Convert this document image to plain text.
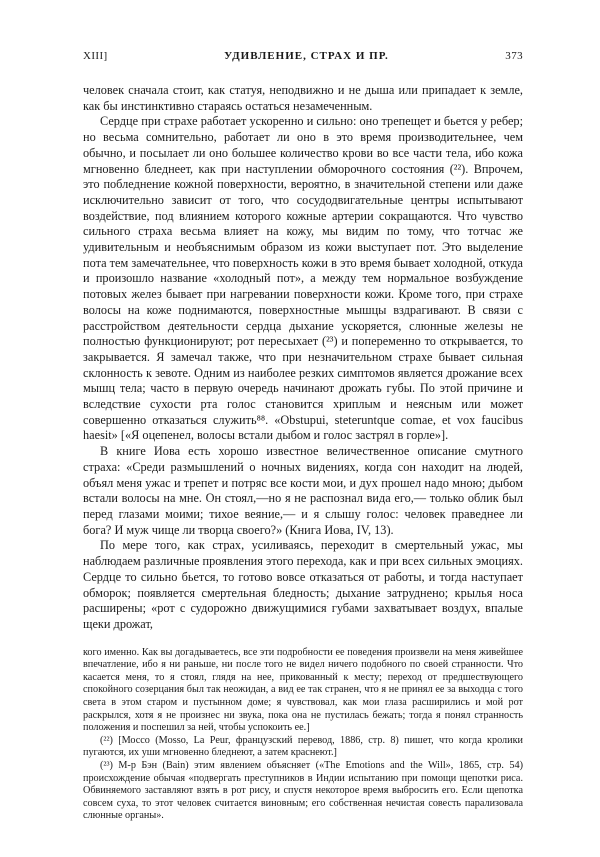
XIII]	УДИВЛЕНИЕ, СТРАХ И ПР.	373

человек сначала стоит, как статуя, неподвижно и не дыша или припадает к земле, как бы инстинктивно стараясь остаться незамеченным.

Сердце при страхе работает ускоренно и сильно: оно трепещет и бьется у ребер; но весьма сомнительно, работает ли оно в это время производительнее, чем обычно, и посылает ли оно большее количество крови во все части тела, ибо кожа мгновенно бледнеет, как при наступлении обморочного состояния (²²). Впрочем, это побледнение кожной поверхности, вероятно, в значительной степени или даже исключительно зависит от того, что сосудодвигательные центры испытывают воздействие, под влиянием которого кожные артерии сокращаются. Что чувство сильного страха весьма влияет на кожу, мы видим по тому, что тотчас же удивительным и необъяснимым образом из кожи выступает пот. Это выделение пота тем замечательнее, что поверхность кожи в это время бывает холодной, откуда и произошло название «холодный пот», а между тем нормальное возбуждение потовых желез бывает при нагревании поверхности кожи. Кроме того, при страхе волосы на коже поднимаются, поверхностные мышцы вздрагивают. В связи с расстройством деятельности сердца дыхание ускоряется, слюнные железы не полностью функционируют; рот пересыхает (²³) и попеременно то открывается, то закрывается. Я замечал также, что при незначительном страхе бывает сильная склонность к зевоте. Одним из наиболее резких симптомов является дрожание всех мышц тела; часто в первую очередь начинают дрожать губы. По этой причине и вследствие сухости рта голос становится хриплым и неясным или может совершенно отказаться служить⁸⁸. «Obstupui, steteruntque comae, et vox faucibus haesit» [«Я оцепенел, волосы встали дыбом и голос застрял в горле»].

В книге Иова есть хорошо известное величественное описание смутного страха: «Среди размышлений о ночных видениях, когда сон находит на людей, объял меня ужас и трепет и потряс все кости мои, и дух прошел надо мною; дыбом встали волосы на мне. Он стоял,—но я не распознал вида его,— только облик был перед глазами моими; тихое веяние,— и я слышу голос: человек праведнее ли бога? И муж чище ли творца своего?» (Книга Иова, IV, 13).

По мере того, как страх, усиливаясь, переходит в смертельный ужас, мы наблюдаем различные проявления этого перехода, как и при всех сильных эмоциях. Сердце то сильно бьется, то готово вовсе отказаться от работы, и тогда наступает обморок; появляется смертельная бледность; дыхание затруднено; крылья носа расширены; «рот с судорожно движущимися губами захватывает воздух, впалые щеки дрожат,

кого именно. Как вы догадываетесь, все эти подробности ее поведения произвели на меня живейшее впечатление, ибо я ни раньше, ни после того не видел ничего подобного по своей странности. Что касается меня, то я стоял, глядя на нее, прикованный к месту; переход от предшествующего спокойного созерцания был так неожидан, а вид ее так странен, что я не принял ее за выходца с того света в этом старом и пустынном доме; я чувствовал, как мои глаза расширились и мой рот раскрылся, хотя я не произнес ни звука, пока она не пустилась бежать; тогда я понял странность положения и поспешил за ней, чтобы успокоить ее.]

(²²) [Моссо (Mosso, La Peur, французский перевод, 1886, стр. 8) пишет, что когда кролики пугаются, их уши мгновенно бледнеют, а затем краснеют.]

(²³) М-р Бэн (Bain) этим явлением объясняет («The Emotions and the Will», 1865, стр. 54) происхождение обычая «подвергать преступников в Индии испытанию при помощи щепотки риса. Обвиняемого заставляют взять в рот рису, и спустя некоторое время выбросить его. Если щепотка совсем суха, то этот человек считается виновным; его собственная нечистая совесть парализовала слюнные органы».
